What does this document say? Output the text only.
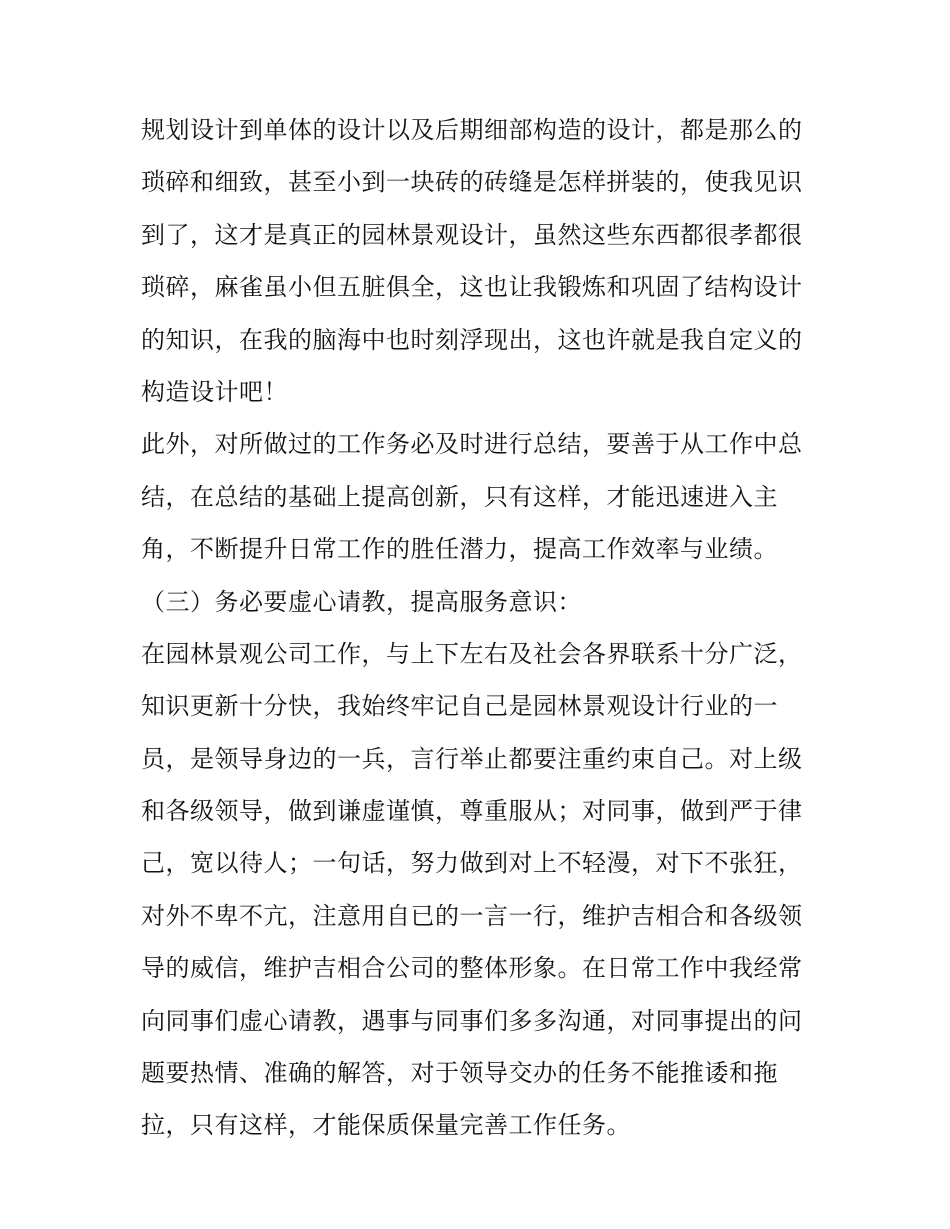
规划设计到单体的设计以及后期细部构造的设计，都是那么的
琐碎和细致，甚至小到一块砖的砖缝是怎样拼装的，使我见识
到了，这才是真正的园林景观设计，虽然这些东西都很孝都很
琐碎，麻雀虽小但五脏俱全，这也让我锻炼和巩固了结构设计
的知识，在我的脑海中也时刻浮现出，这也许就是我自定义的
构造设计吧！
此外，对所做过的工作务必及时进行总结，要善于从工作中总
结，在总结的基础上提高创新，只有这样，才能迅速进入主
角，不断提升日常工作的胜任潜力，提高工作效率与业绩。
（三）务必要虚心请教，提高服务意识：
在园林景观公司工作，与上下左右及社会各界联系十分广泛，
知识更新十分快，我始终牢记自己是园林景观设计行业的一
员，是领导身边的一兵，言行举止都要注重约束自己。对上级
和各级领导，做到谦虚谨慎，尊重服从；对同事，做到严于律
己，宽以待人；一句话，努力做到对上不轻漫，对下不张狂，
对外不卑不亢，注意用自已的一言一行，维护吉相合和各级领
导的威信，维护吉相合公司的整体形象。在日常工作中我经常
向同事们虚心请教，遇事与同事们多多沟通，对同事提出的问
题要热情、准确的解答，对于领导交办的任务不能推诿和拖
拉，只有这样，才能保质保量完善工作任务。
